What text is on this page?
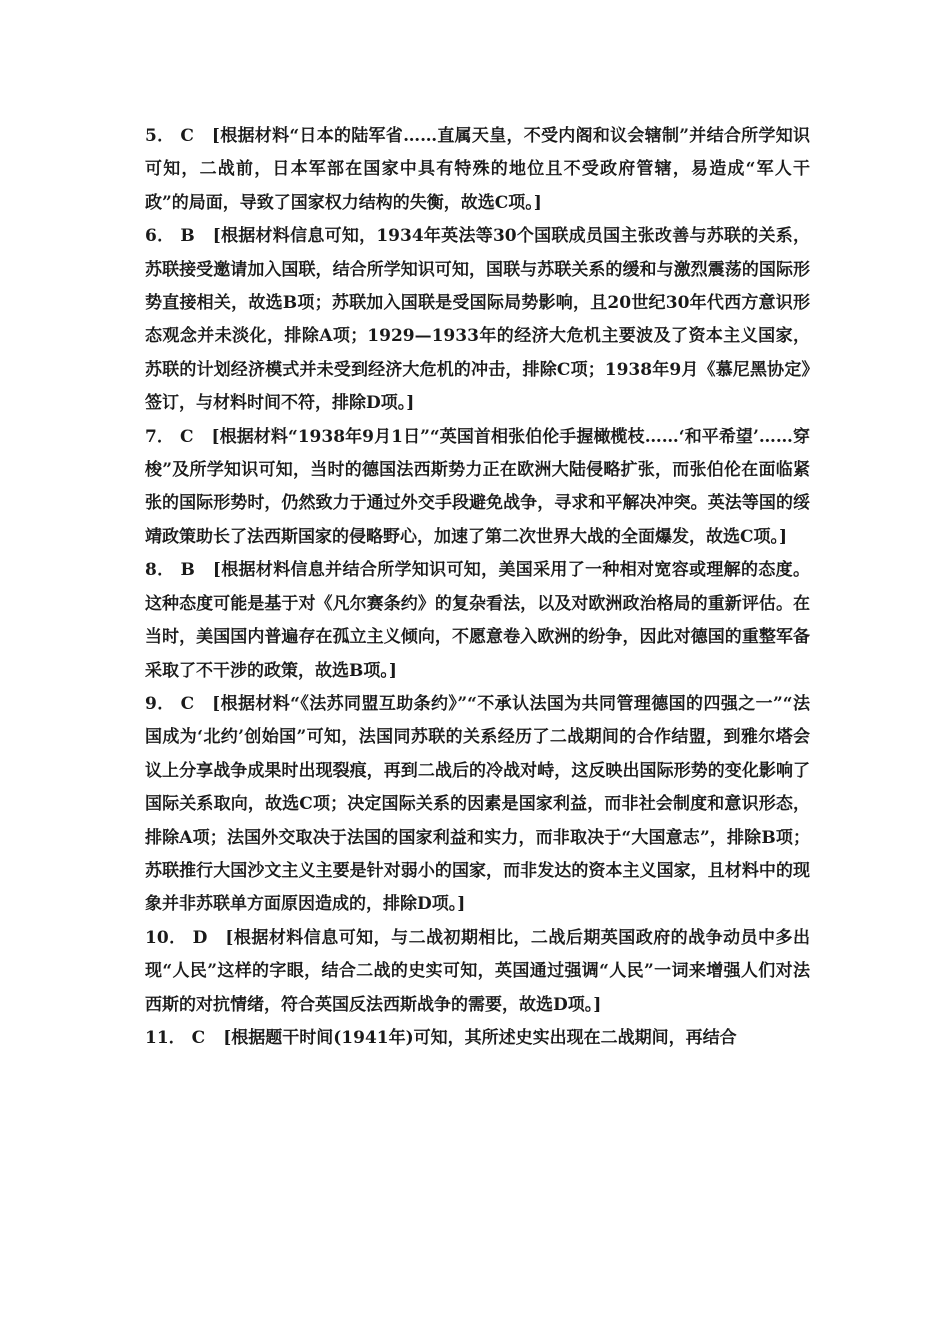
5． C [根据材料“日本的陆军省……直属天皇，不受内阁和议会辖制”并结合所学知识可知，二战前，日本军部在国家中具有特殊的地位且不受政府管辖，易造成“军人干政”的局面，导致了国家权力结构的失衡，故选C项。]

6． B [根据材料信息可知，1934年英法等30个国联成员国主张改善与苏联的关系，苏联接受邀请加入国联，结合所学知识可知，国联与苏联关系的缓和与激烈震荡的国际形势直接相关，故选B项；苏联加入国联是受国际局势影响，且20世纪30年代西方意识形态观念并未淡化，排除A项；1929—1933年的经济大危机主要波及了资本主义国家，苏联的计划经济模式并未受到经济大危机的冲击，排除C项；1938年9月《慕尼黑协定》签订，与材料时间不符，排除D项。]

7． C [根据材料“1938年9月1日”“英国首相张伯伦手握橄榄枝……‘和平希望’……穿梭”及所学知识可知，当时的德国法西斯势力正在欧洲大陆侵略扩张，而张伯伦在面临紧张的国际形势时，仍然致力于通过外交手段避免战争，寻求和平解决冲突。英法等国的绥靖政策助长了法西斯国家的侵略野心，加速了第二次世界大战的全面爆发，故选C项。]

8． B [根据材料信息并结合所学知识可知，美国采用了一种相对宽容或理解的态度。这种态度可能是基于对《凡尔赛条约》的复杂看法，以及对欧洲政治格局的重新评估。在当时，美国国内普遍存在孤立主义倾向，不愿意卷入欧洲的纷争，因此对德国的重整军备采取了不干涉的政策，故选B项。]

9． C [根据材料“《法苏同盟互助条约》”“不承认法国为共同管理德国的四强之一”“法国成为‘北约’创始国”可知，法国同苏联的关系经历了二战期间的合作结盟，到雅尔塔会议上分享战争成果时出现裂痕，再到二战后的冷战对峙，这反映出国际形势的变化影响了国际关系取向，故选C项；决定国际关系的因素是国家利益，而非社会制度和意识形态，排除A项；法国外交取决于法国的国家利益和实力，而非取决于“大国意志”，排除B项；苏联推行大国沙文主义主要是针对弱小的国家，而非发达的资本主义国家，且材料中的现象并非苏联单方面原因造成的，排除D项。]

10． D [根据材料信息可知，与二战初期相比，二战后期英国政府的战争动员中多出现“人民”这样的字眼，结合二战的史实可知，英国通过强调“人民”一词来增强人们对法西斯的对抗情绪，符合英国反法西斯战争的需要，故选D项。]

11． C [根据题干时间(1941年)可知，其所述史实出现在二战期间，再结合
